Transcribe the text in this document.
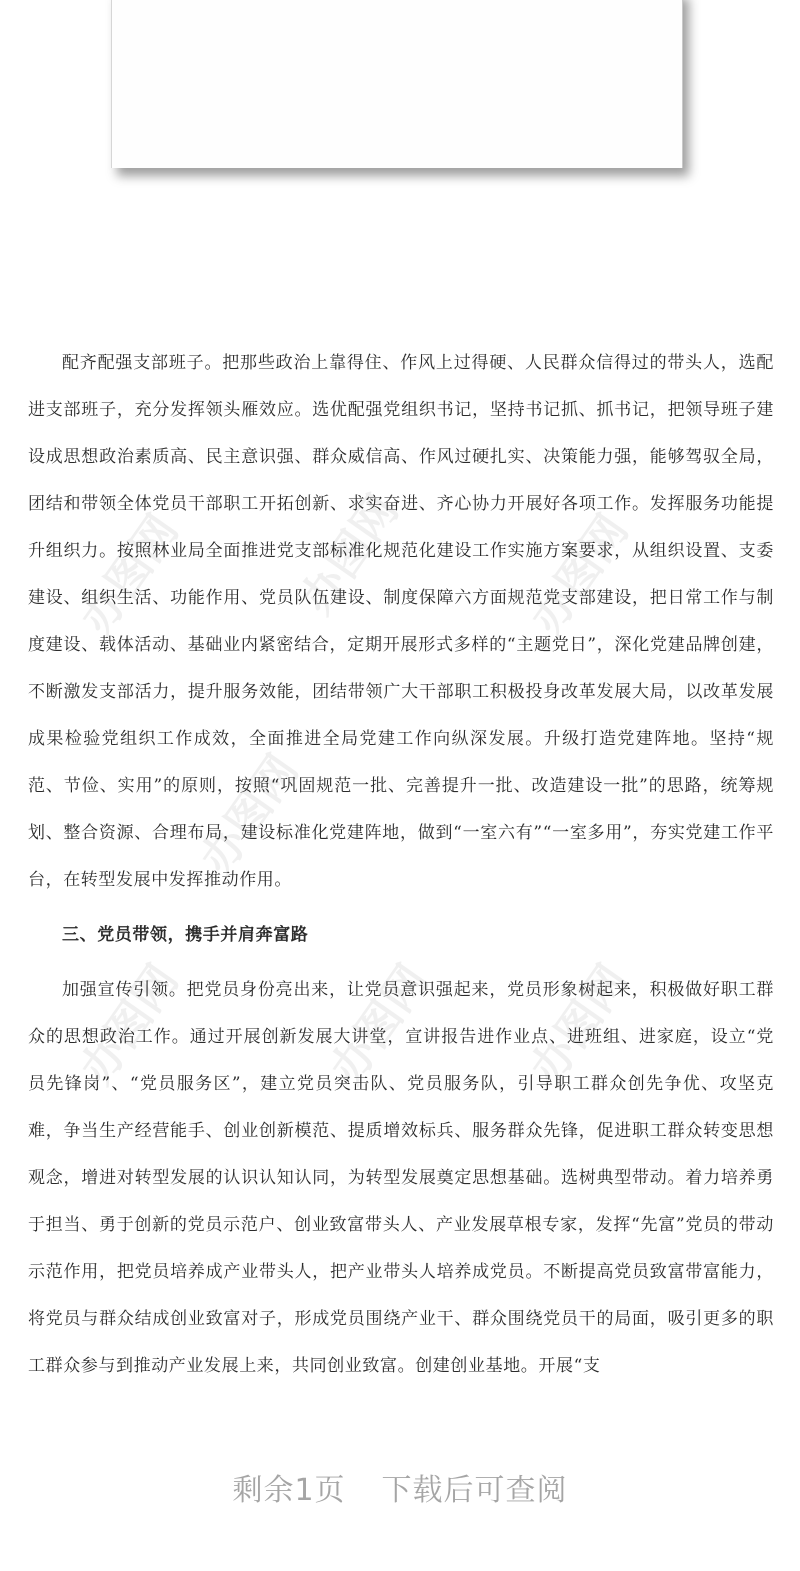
办图网 办图网	办图网
办图网
办图网	办图网 办图网

配齐配强支部班子。把那些政治上靠得住、作风上过得硬、人民群众信得过的带头人，选配进支部班子，充分发挥领头雁效应。选优配强党组织书记，坚持书记抓、抓书记，把领导班子建设成思想政治素质高、民主意识强、群众威信高、作风过硬扎实、决策能力强，能够驾驭全局，团结和带领全体党员干部职工开拓创新、求实奋进、齐心协力开展好各项工作。发挥服务功能提升组织力。按照林业局全面推进党支部标准化规范化建设工作实施方案要求，从组织设置、支委建设、组织生活、功能作用、党员队伍建设、制度保障六方面规范党支部建设，把日常工作与制度建设、载体活动、基础业内紧密结合，定期开展形式多样的“主题党日”，深化党建品牌创建，不断激发支部活力，提升服务效能，团结带领广大干部职工积极投身改革发展大局，以改革发展成果检验党组织工作成效，全面推进全局党建工作向纵深发展。升级打造党建阵地。坚持“规范、节俭、实用”的原则，按照“巩固规范一批、完善提升一批、改造建设一批”的思路，统筹规划、整合资源、合理布局，建设标准化党建阵地，做到“一室六有”“一室多用”，夯实党建工作平台，在转型发展中发挥推动作用。

三、党员带领，携手并肩奔富路

加强宣传引领。把党员身份亮出来，让党员意识强起来，党员形象树起来，积极做好职工群众的思想政治工作。通过开展创新发展大讲堂，宣讲报告进作业点、进班组、进家庭，设立“党员先锋岗”、“党员服务区”，建立党员突击队、党员服务队，引导职工群众创先争优、攻坚克难，争当生产经营能手、创业创新模范、提质增效标兵、服务群众先锋，促进职工群众转变思想观念，增进对转型发展的认识认知认同，为转型发展奠定思想基础。选树典型带动。着力培养勇于担当、勇于创新的党员示范户、创业致富带头人、产业发展草根专家，发挥“先富”党员的带动示范作用，把党员培养成产业带头人，把产业带头人培养成党员。不断提高党员致富带富能力，将党员与群众结成创业致富对子，形成党员围绕产业干、群众围绕党员干的局面，吸引更多的职工群众参与到推动产业发展上来，共同创业致富。创建创业基地。开展“支

剩余1页 下载后可查阅
